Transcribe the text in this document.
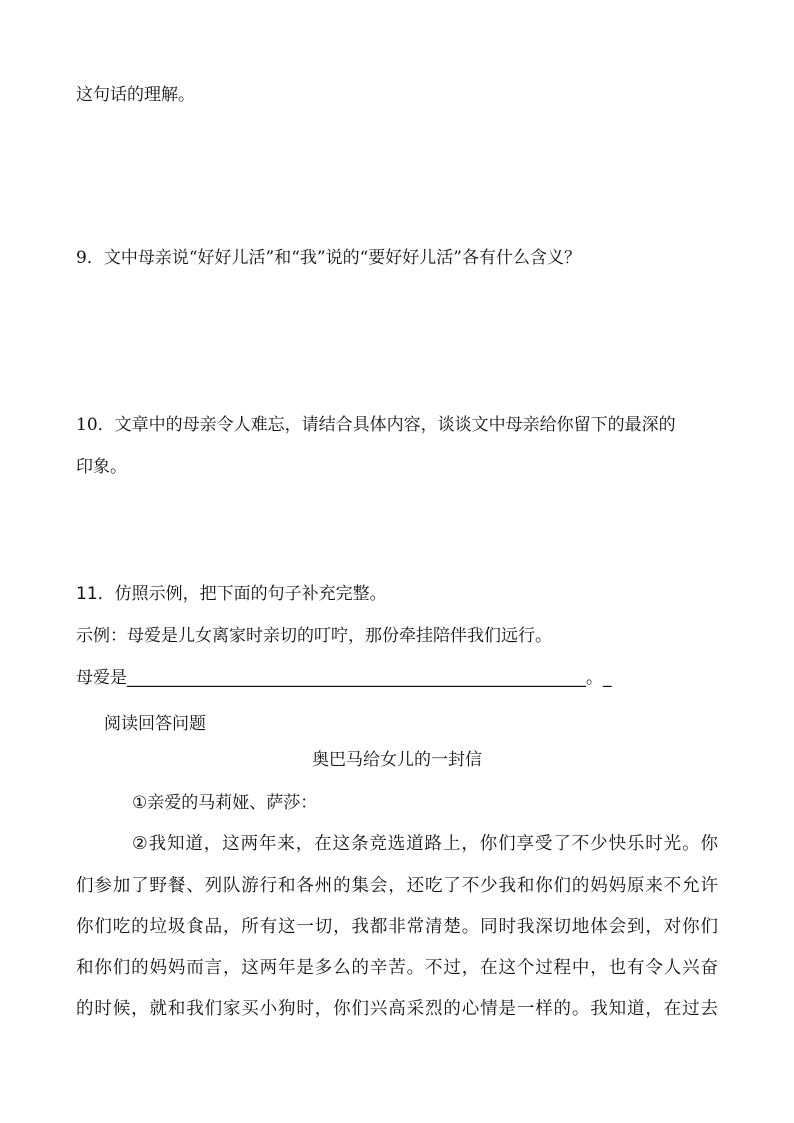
这句话的理解。
9．文中母亲说“好好儿活”和“我”说的“要好好儿活”各有什么含义？
10．文章中的母亲令人难忘，请结合具体内容，谈谈文中母亲给你留下的最深的
印象。
11．仿照示例，把下面的句子补充完整。
示例：母爱是儿女离家时亲切的叮咛，那份牵挂陪伴我们远行。
母爱是______________________________________________________。_
阅读回答问题
奥巴马给女儿的一封信
①亲爱的马莉娅、萨莎：
②我知道，这两年来，在这条竞选道路上，你们享受了不少快乐时光。你
们参加了野餐、列队游行和各州的集会，还吃了不少我和你们的妈妈原来不允许
你们吃的垃圾食品，所有这一切，我都非常清楚。同时我深切地体会到，对你们
和你们的妈妈而言，这两年是多么的辛苦。不过，在这个过程中，也有令人兴奋
的时候，就和我们家买小狗时，你们兴高采烈的心情是一样的。我知道，在过去
